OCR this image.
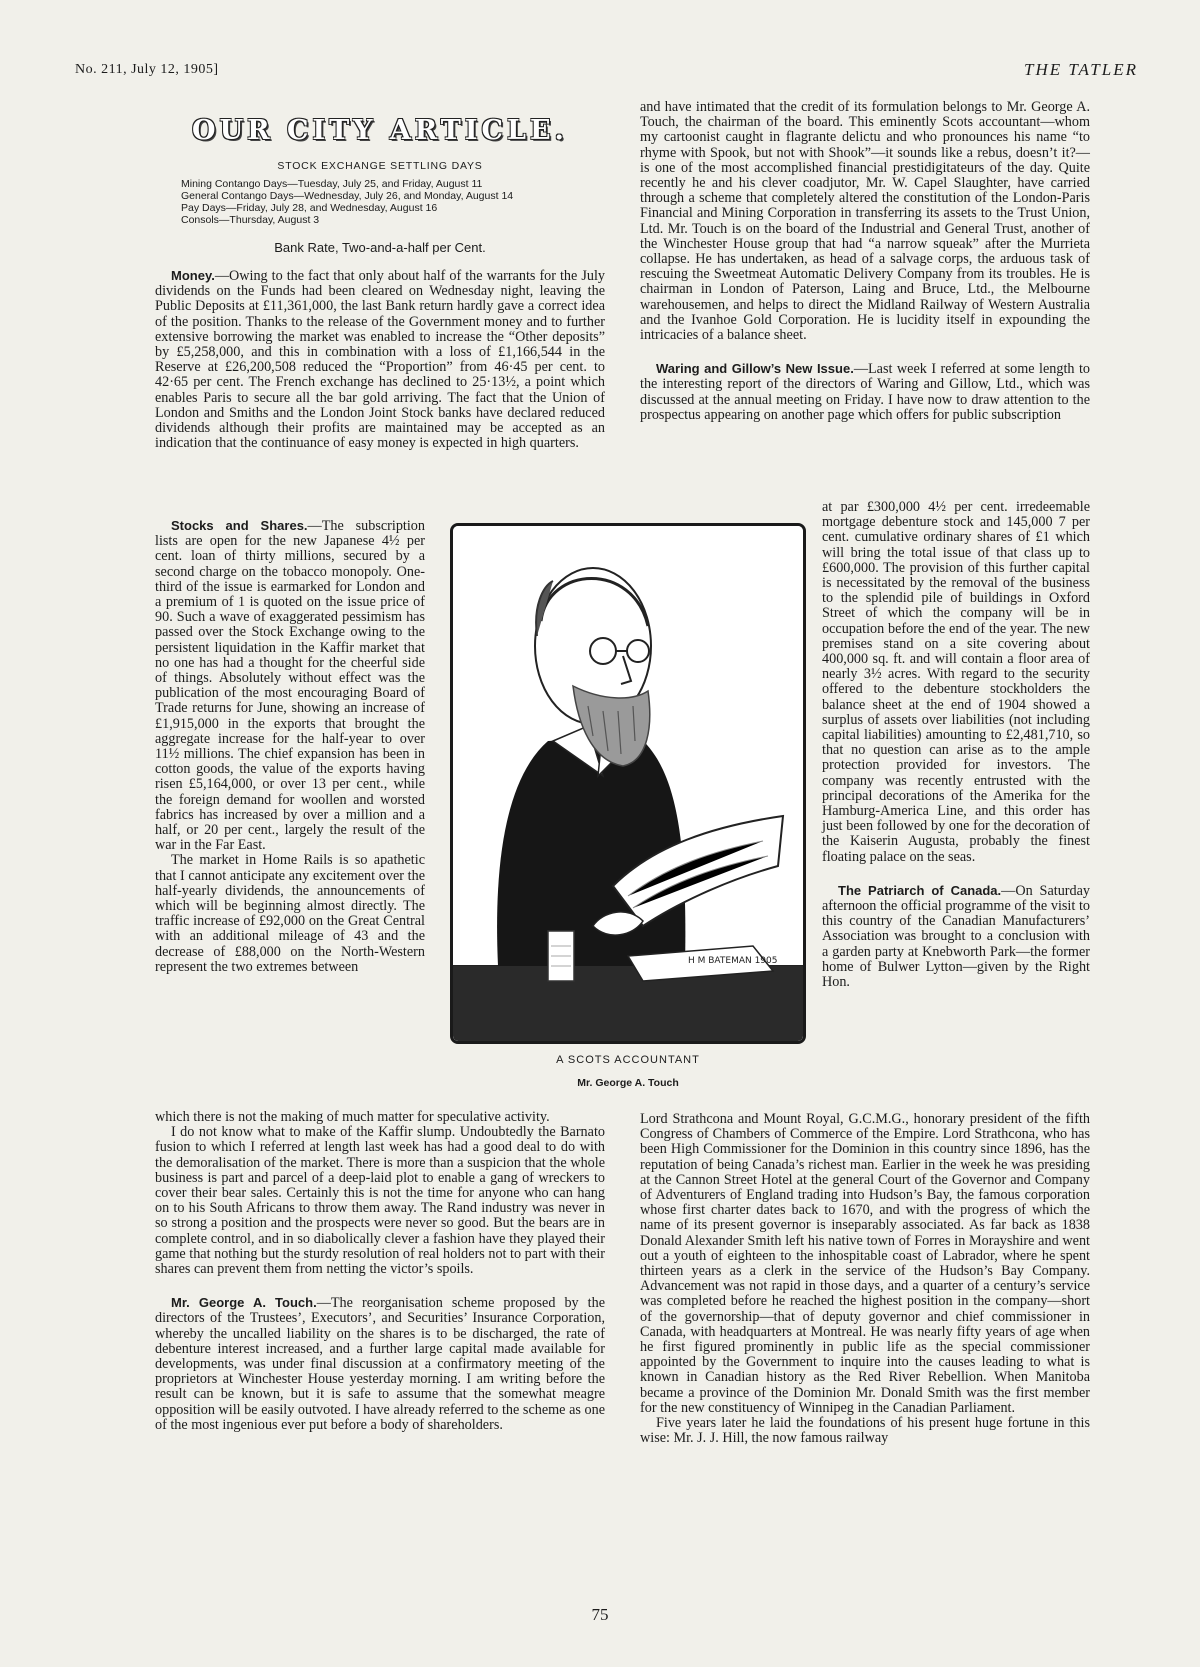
No. 211, July 12, 1905]	THE TATLER
OUR CITY ARTICLE.
STOCK EXCHANGE SETTLING DAYS
Mining Contango Days—Tuesday, July 25, and Friday, August 11
General Contango Days—Wednesday, July 26, and Monday, August 14
Pay Days—Friday, July 28, and Wednesday, August 16
Consols—Thursday, August 3
Bank Rate, Two-and-a-half per Cent.

Money.—Owing to the fact that only about half of the warrants for the July dividends on the Funds had been cleared on Wednesday night, leaving the Public Deposits at £11,361,000, the last Bank return hardly gave a correct idea of the position. Thanks to the release of the Government money and to further extensive borrowing the market was enabled to increase the “Other deposits” by £5,258,000, and this in combination with a loss of £1,166,544 in the Reserve at £26,200,508 reduced the “Proportion” from 46·45 per cent. to 42·65 per cent. The French exchange has declined to 25·13½, a point which enables Paris to secure all the bar gold arriving. The fact that the Union of London and Smiths and the London Joint Stock banks have declared reduced dividends although their profits are maintained may be accepted as an indication that the continuance of easy money is expected in high quarters.

Stocks and Shares.—The subscription lists are open for the new Japanese 4½ per cent. loan of thirty millions, secured by a second charge on the tobacco monopoly. One-third of the issue is earmarked for London and a premium of 1 is quoted on the issue price of 90. Such a wave of exaggerated pessimism has passed over the Stock Exchange owing to the persistent liquidation in the Kaffir market that no one has had a thought for the cheerful side of things. Absolutely without effect was the publication of the most encouraging Board of Trade returns for June, showing an increase of £1,915,000 in the exports that brought the aggregate increase for the half-year to over 11½ millions. The chief expansion has been in cotton goods, the value of the exports having risen £5,164,000, or over 13 per cent., while the foreign demand for woollen and worsted fabrics has increased by over a million and a half, or 20 per cent., largely the result of the war in the Far East.

The market in Home Rails is so apathetic that I cannot anticipate any excitement over the half-yearly dividends, the announcements of which will be beginning almost directly. The traffic increase of £92,000 on the Great Central with an additional mileage of 43 and the decrease of £88,000 on the North-Western represent the two extremes between

which there is not the making of much matter for speculative activity.

I do not know what to make of the Kaffir slump. Undoubtedly the Barnato fusion to which I referred at length last week has had a good deal to do with the demoralisation of the market. There is more than a suspicion that the whole business is part and parcel of a deep-laid plot to enable a gang of wreckers to cover their bear sales. Certainly this is not the time for anyone who can hang on to his South Africans to throw them away. The Rand industry was never in so strong a position and the prospects were never so good. But the bears are in complete control, and in so diabolically clever a fashion have they played their game that nothing but the sturdy resolution of real holders not to part with their shares can prevent them from netting the victor’s spoils.

Mr. George A. Touch.—The reorganisation scheme proposed by the directors of the Trustees’, Executors’, and Securities’ Insurance Corporation, whereby the uncalled liability on the shares is to be discharged, the rate of debenture interest increased, and a further large capital made available for developments, was under final discussion at a confirmatory meeting of the proprietors at Winchester House yesterday morning. I am writing before the result can be known, but it is safe to assume that the somewhat meagre opposition will be easily outvoted. I have already referred to the scheme as one of the most ingenious ever put before a body of shareholders.

and have intimated that the credit of its formulation belongs to Mr. George A. Touch, the chairman of the board. This eminently Scots accountant—whom my cartoonist caught in flagrante delictu and who pronounces his name “to rhyme with Spook, but not with Shook”—it sounds like a rebus, doesn’t it?—is one of the most accomplished financial prestidigitateurs of the day. Quite recently he and his clever coadjutor, Mr. W. Capel Slaughter, have carried through a scheme that completely altered the constitution of the London-Paris Financial and Mining Corporation in transferring its assets to the Trust Union, Ltd. Mr. Touch is on the board of the Industrial and General Trust, another of the Winchester House group that had “a narrow squeak” after the Murrieta collapse. He has undertaken, as head of a salvage corps, the arduous task of rescuing the Sweetmeat Automatic Delivery Company from its troubles. He is chairman in London of Paterson, Laing and Bruce, Ltd., the Melbourne warehousemen, and helps to direct the Midland Railway of Western Australia and the Ivanhoe Gold Corporation. He is lucidity itself in expounding the intricacies of a balance sheet.

Waring and Gillow’s New Issue.—Last week I referred at some length to the interesting report of the directors of Waring and Gillow, Ltd., which was discussed at the annual meeting on Friday. I have now to draw attention to the prospectus appearing on another page which offers for public subscription

at par £300,000 4½ per cent. irredeemable mortgage debenture stock and 145,000 7 per cent. cumulative ordinary shares of £1 which will bring the total issue of that class up to £600,000. The provision of this further capital is necessitated by the removal of the business to the splendid pile of buildings in Oxford Street of which the company will be in occupation before the end of the year. The new premises stand on a site covering about 400,000 sq. ft. and will contain a floor area of nearly 3½ acres. With regard to the security offered to the debenture stockholders the balance sheet at the end of 1904 showed a surplus of assets over liabilities (not including capital liabilities) amounting to £2,481,710, so that no question can arise as to the ample protection provided for investors. The company was recently entrusted with the principal decorations of the Amerika for the Hamburg-America Line, and this order has just been followed by one for the decoration of the Kaiserin Augusta, probably the finest floating palace on the seas.

The Patriarch of Canada.—On Saturday afternoon the official programme of the visit to this country of the Canadian Manufacturers’ Association was brought to a conclusion with a garden party at Knebworth Park—the former home of Bulwer Lytton—given by the Right Hon.

Lord Strathcona and Mount Royal, G.C.M.G., honorary president of the fifth Congress of Chambers of Commerce of the Empire. Lord Strathcona, who has been High Commissioner for the Dominion in this country since 1896, has the reputation of being Canada’s richest man. Earlier in the week he was presiding at the Cannon Street Hotel at the general Court of the Governor and Company of Adventurers of England trading into Hudson’s Bay, the famous corporation whose first charter dates back to 1670, and with the progress of which the name of its present governor is inseparably associated. As far back as 1838 Donald Alexander Smith left his native town of Forres in Morayshire and went out a youth of eighteen to the inhospitable coast of Labrador, where he spent thirteen years as a clerk in the service of the Hudson’s Bay Company. Advancement was not rapid in those days, and a quarter of a century’s service was completed before he reached the highest position in the company—short of the governorship—that of deputy governor and chief commissioner in Canada, with headquarters at Montreal. He was nearly fifty years of age when he first figured prominently in public life as the special commissioner appointed by the Government to inquire into the causes leading to what is known in Canadian history as the Red River Rebellion. When Manitoba became a province of the Dominion Mr. Donald Smith was the first member for the new constituency of Winnipeg in the Canadian Parliament.

Five years later he laid the foundations of his present huge fortune in this wise: Mr. J. J. Hill, the now famous railway

H M BATEMAN 1905
A SCOTS ACCOUNTANT
Mr. George A. Touch
75
